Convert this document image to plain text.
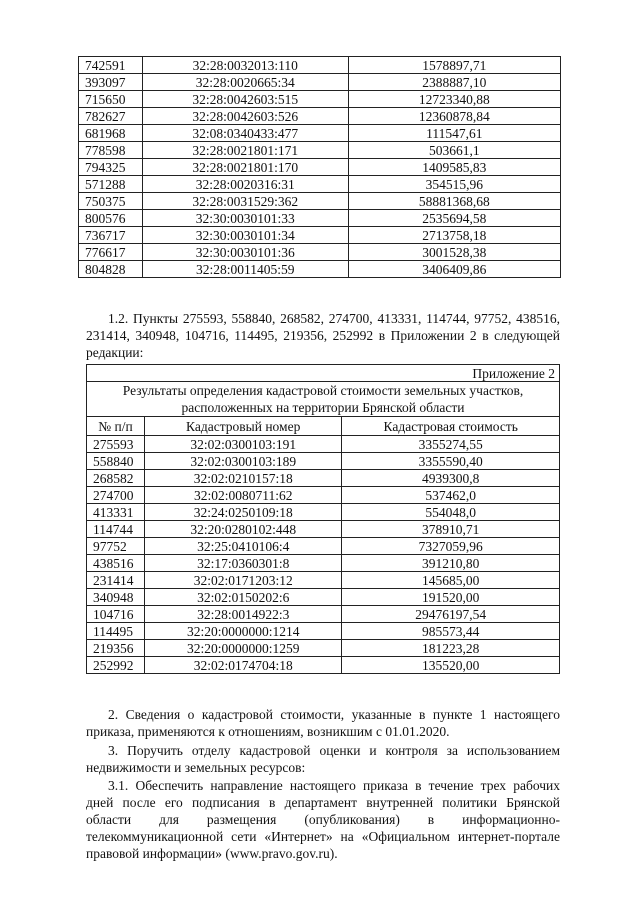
742591	32:28:0032013:110	1578897,71
393097	32:28:0020665:34	2388887,10
715650	32:28:0042603:515	12723340,88
782627	32:28:0042603:526	12360878,84
681968	32:08:0340433:477	111547,61
778598	32:28:0021801:171	503661,1
794325	32:28:0021801:170	1409585,83
571288	32:28:0020316:31	354515,96
750375	32:28:0031529:362	58881368,68
800576	32:30:0030101:33	2535694,58
736717	32:30:0030101:34	2713758,18
776617	32:30:0030101:36	3001528,38
804828	32:28:0011405:59	3406409,86
1.2. Пункты 275593, 558840, 268582, 274700, 413331, 114744, 97752, 438516, 231414, 340948, 104716, 114495, 219356, 252992 в Приложении 2 в следующей редакции:
Приложение 2		
Результаты определения кадастровой стоимости земельных участков, расположенных на территории Брянской области		
№ п/п	Кадастровый номер	Кадастровая стоимость
275593	32:02:0300103:191	3355274,55
558840	32:02:0300103:189	3355590,40
268582	32:02:0210157:18	4939300,8
274700	32:02:0080711:62	537462,0
413331	32:24:0250109:18	554048,0
114744	32:20:0280102:448	378910,71
97752	32:25:0410106:4	7327059,96
438516	32:17:0360301:8	391210,80
231414	32:02:0171203:12	145685,00
340948	32:02:0150202:6	191520,00
104716	32:28:0014922:3	29476197,54
114495	32:20:0000000:1214	985573,44
219356	32:20:0000000:1259	181223,28
252992	32:02:0174704:18	135520,00
2. Сведения о кадастровой стоимости, указанные в пункте 1 настоящего приказа, применяются к отношениям, возникшим с 01.01.2020.
3. Поручить отделу кадастровой оценки и контроля за использованием недвижимости и земельных ресурсов:
3.1. Обеспечить направление настоящего приказа в течение трех рабочих дней после его подписания в департамент внутренней политики Брянской области для размещения (опубликования) в информационно-телекоммуникационной сети «Интернет» на «Официальном интернет-портале правовой информации» (www.pravo.gov.ru).
